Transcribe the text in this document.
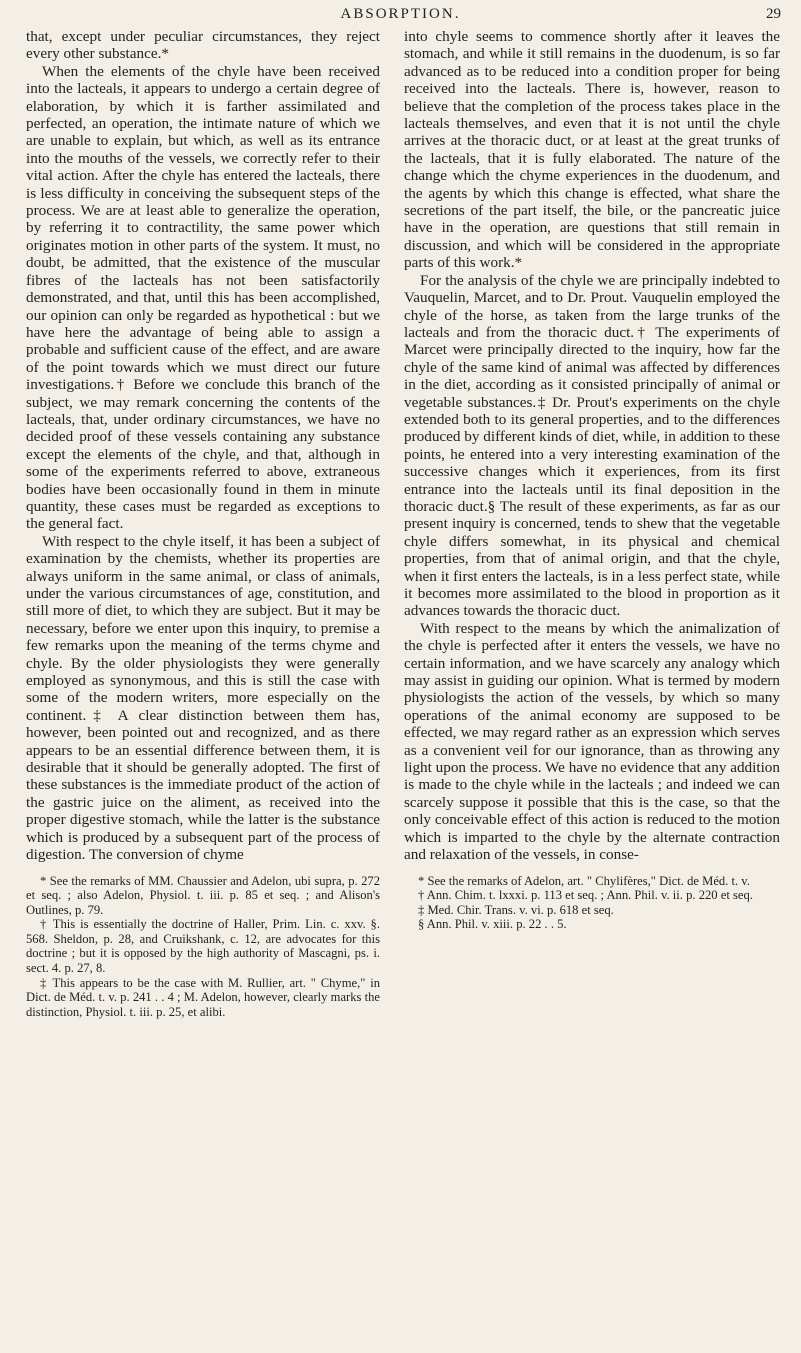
ABSORPTION.	29

that, except under peculiar circumstances, they reject every other substance.*

When the elements of the chyle have been received into the lacteals, it appears to undergo a certain degree of elaboration, by which it is farther assimilated and perfected, an operation, the intimate nature of which we are unable to explain, but which, as well as its entrance into the mouths of the vessels, we correctly refer to their vital action. After the chyle has entered the lacteals, there is less difficulty in conceiving the subsequent steps of the process. We are at least able to generalize the operation, by referring it to contractility, the same power which originates motion in other parts of the system. It must, no doubt, be admitted, that the existence of the muscular fibres of the lacteals has not been satisfactorily demonstrated, and that, until this has been accomplished, our opinion can only be regarded as hypothetical : but we have here the advantage of being able to assign a probable and sufficient cause of the effect, and are aware of the point towards which we must direct our future investigations.† Before we conclude this branch of the subject, we may remark concerning the contents of the lacteals, that, under ordinary circumstances, we have no decided proof of these vessels containing any substance except the elements of the chyle, and that, although in some of the experiments referred to above, extraneous bodies have been occasionally found in them in minute quantity, these cases must be regarded as exceptions to the general fact.

With respect to the chyle itself, it has been a subject of examination by the chemists, whether its properties are always uniform in the same animal, or class of animals, under the various circumstances of age, constitution, and still more of diet, to which they are subject. But it may be necessary, before we enter upon this inquiry, to premise a few remarks upon the meaning of the terms chyme and chyle. By the older physiologists they were generally employed as synonymous, and this is still the case with some of the modern writers, more especially on the continent.‡ A clear distinction between them has, however, been pointed out and recognized, and as there appears to be an essential difference between them, it is desirable that it should be generally adopted. The first of these substances is the immediate product of the action of the gastric juice on the aliment, as received into the proper digestive stomach, while the latter is the substance which is produced by a subsequent part of the process of digestion. The conversion of chyme

* See the remarks of MM. Chaussier and Adelon, ubi supra, p. 272 et seq. ; also Adelon, Physiol. t. iii. p. 85 et seq. ; and Alison's Outlines, p. 79.

† This is essentially the doctrine of Haller, Prim. Lin. c. xxv. §. 568. Sheldon, p. 28, and Cruikshank, c. 12, are advocates for this doctrine ; but it is opposed by the high authority of Mascagni, ps. i. sect. 4. p. 27, 8.

‡ This appears to be the case with M. Rullier, art. " Chyme," in Dict. de Méd. t. v. p. 241 . . 4 ; M. Adelon, however, clearly marks the distinction, Physiol. t. iii. p. 25, et alibi.

into chyle seems to commence shortly after it leaves the stomach, and while it still remains in the duodenum, is so far advanced as to be reduced into a condition proper for being received into the lacteals. There is, however, reason to believe that the completion of the process takes place in the lacteals themselves, and even that it is not until the chyle arrives at the thoracic duct, or at least at the great trunks of the lacteals, that it is fully elaborated. The nature of the change which the chyme experiences in the duodenum, and the agents by which this change is effected, what share the secretions of the part itself, the bile, or the pancreatic juice have in the operation, are questions that still remain in discussion, and which will be considered in the appropriate parts of this work.*

For the analysis of the chyle we are principally indebted to Vauquelin, Marcet, and to Dr. Prout. Vauquelin employed the chyle of the horse, as taken from the large trunks of the lacteals and from the thoracic duct.† The experiments of Marcet were principally directed to the inquiry, how far the chyle of the same kind of animal was affected by differences in the diet, according as it consisted principally of animal or vegetable substances.‡ Dr. Prout's experiments on the chyle extended both to its general properties, and to the differences produced by different kinds of diet, while, in addition to these points, he entered into a very interesting examination of the successive changes which it experiences, from its first entrance into the lacteals until its final deposition in the thoracic duct.§ The result of these experiments, as far as our present inquiry is concerned, tends to shew that the vegetable chyle differs somewhat, in its physical and chemical properties, from that of animal origin, and that the chyle, when it first enters the lacteals, is in a less perfect state, while it becomes more assimilated to the blood in proportion as it advances towards the thoracic duct.

With respect to the means by which the animalization of the chyle is perfected after it enters the vessels, we have no certain information, and we have scarcely any analogy which may assist in guiding our opinion. What is termed by modern physiologists the action of the vessels, by which so many operations of the animal economy are supposed to be effected, we may regard rather as an expression which serves as a convenient veil for our ignorance, than as throwing any light upon the process. We have no evidence that any addition is made to the chyle while in the lacteals ; and indeed we can scarcely suppose it possible that this is the case, so that the only conceivable effect of this action is reduced to the motion which is imparted to the chyle by the alternate contraction and relaxation of the vessels, in conse-

* See the remarks of Adelon, art. " Chylifères," Dict. de Méd. t. v.

† Ann. Chim. t. lxxxi. p. 113 et seq. ; Ann. Phil. v. ii. p. 220 et seq.

‡ Med. Chir. Trans. v. vi. p. 618 et seq.

§ Ann. Phil. v. xiii. p. 22 . . 5.
